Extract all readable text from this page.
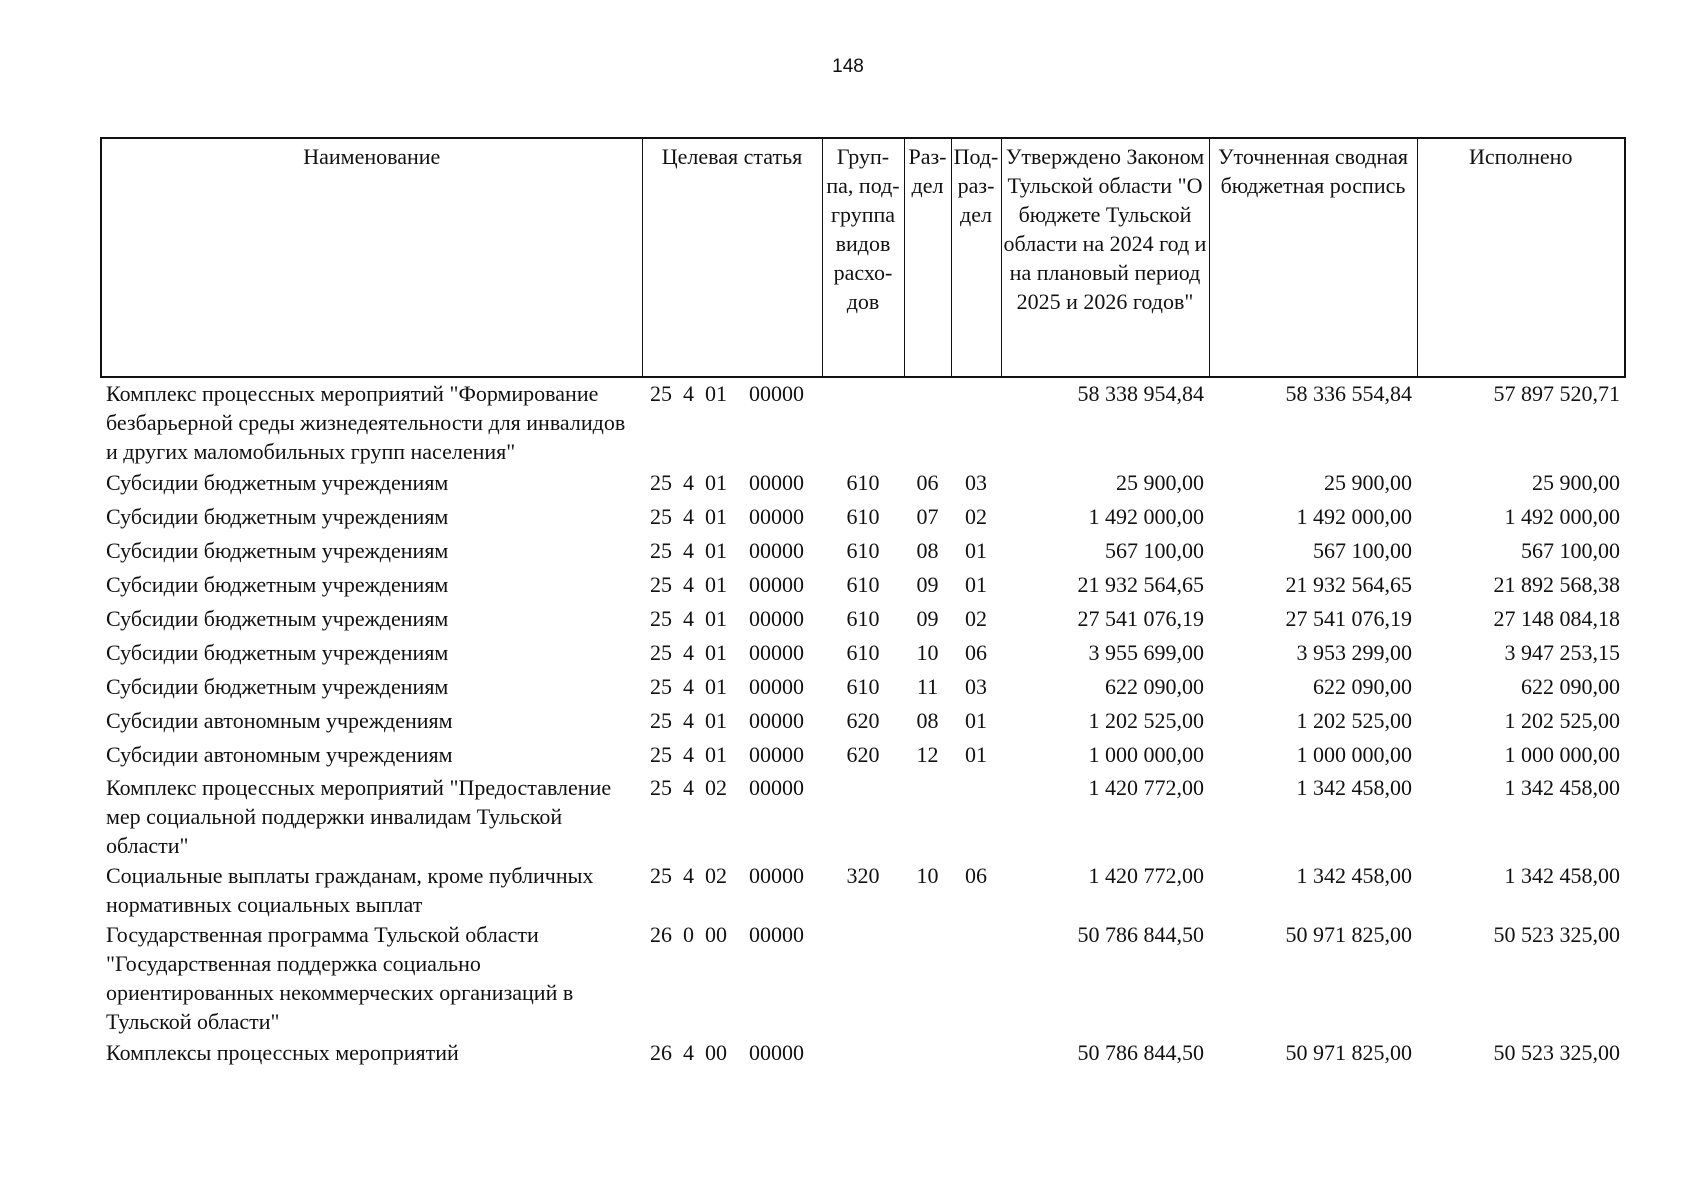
148
Наименование	Целевая статья	Груп-па, под-группа видов расхо-дов	Раз-дел	Под-раз-дел	Утверждено Законом Тульской области "О бюджете Тульской области на 2024 год и на плановый период 2025 и 2026 годов"	Уточненная сводная бюджетная роспись	Исполнено
Комплекс процессных мероприятий "Формирование безбарьерной среды жизнедеятельности для инвалидов и других маломобильных групп населения"	25  4  01    00000				58 338 954,84	58 336 554,84	57 897 520,71
Субсидии бюджетным учреждениям	25  4  01    00000	610	06	03	25 900,00	25 900,00	25 900,00
Субсидии бюджетным учреждениям	25  4  01    00000	610	07	02	1 492 000,00	1 492 000,00	1 492 000,00
Субсидии бюджетным учреждениям	25  4  01    00000	610	08	01	567 100,00	567 100,00	567 100,00
Субсидии бюджетным учреждениям	25  4  01    00000	610	09	01	21 932 564,65	21 932 564,65	21 892 568,38
Субсидии бюджетным учреждениям	25  4  01    00000	610	09	02	27 541 076,19	27 541 076,19	27 148 084,18
Субсидии бюджетным учреждениям	25  4  01    00000	610	10	06	3 955 699,00	3 953 299,00	3 947 253,15
Субсидии бюджетным учреждениям	25  4  01    00000	610	11	03	622 090,00	622 090,00	622 090,00
Субсидии автономным учреждениям	25  4  01    00000	620	08	01	1 202 525,00	1 202 525,00	1 202 525,00
Субсидии автономным учреждениям	25  4  01    00000	620	12	01	1 000 000,00	1 000 000,00	1 000 000,00
Комплекс процессных мероприятий "Предоставление мер социальной поддержки инвалидам Тульской области"	25  4  02    00000				1 420 772,00	1 342 458,00	1 342 458,00
Социальные выплаты гражданам, кроме публичных нормативных социальных выплат	25  4  02    00000	320	10	06	1 420 772,00	1 342 458,00	1 342 458,00
Государственная программа Тульской области "Государственная поддержка социально ориентированных некоммерческих организаций в Тульской области"	26  0  00    00000				50 786 844,50	50 971 825,00	50 523 325,00
Комплексы процессных мероприятий	26  4  00    00000				50 786 844,50	50 971 825,00	50 523 325,00
